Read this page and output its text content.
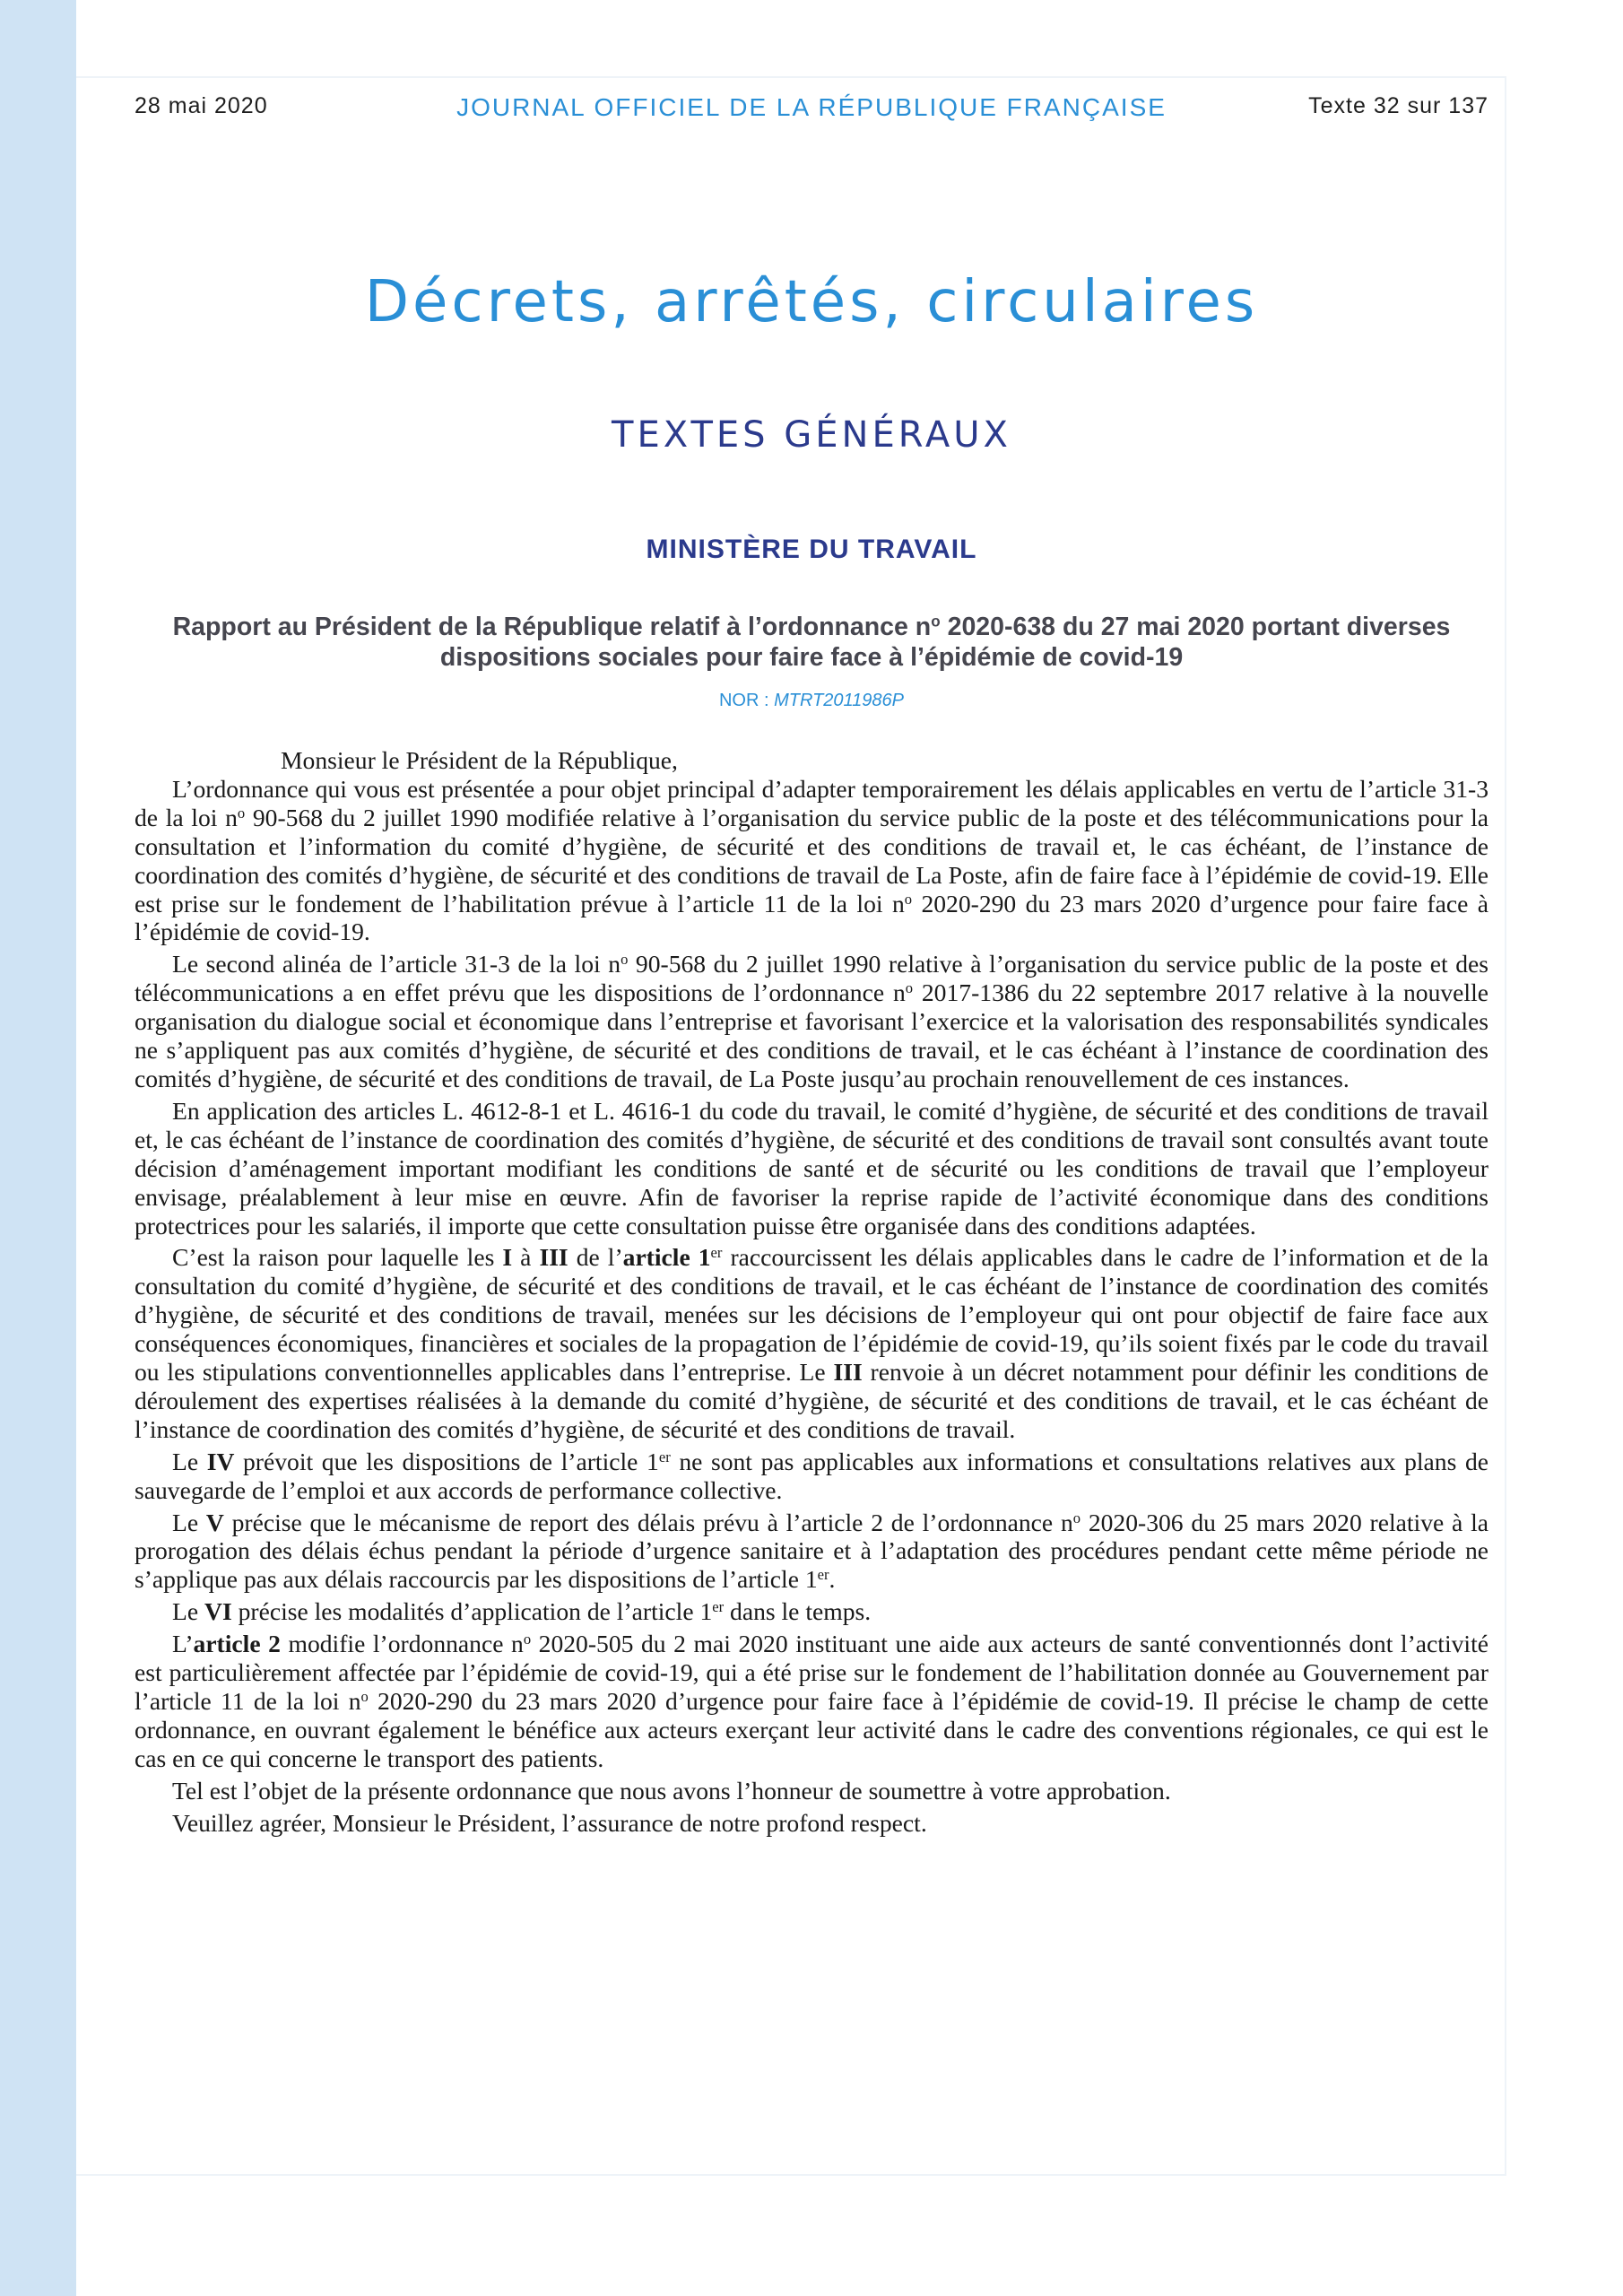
28 mai 2020	JOURNAL OFFICIEL DE LA RÉPUBLIQUE FRANÇAISE	Texte 32 sur 137
Décrets, arrêtés, circulaires
TEXTES GÉNÉRAUX
MINISTÈRE DU TRAVAIL
Rapport au Président de la République relatif à l’ordonnance $n^o$ 2020-638 du 27 mai 2020 portant diverses dispositions sociales pour faire face à l’épidémie de covid-19
NOR : MTRT2011986P

Monsieur le Président de la République,

L’ordonnance qui vous est présentée a pour objet principal d’adapter temporairement les délais applicables en vertu de l’article 31-3 de la loi $n^o$ 90-568 du 2 juillet 1990 modifiée relative à l’organisation du service public de la poste et des télécommunications pour la consultation et l’information du comité d’hygiène, de sécurité et des conditions de travail et, le cas échéant, de l’instance de coordination des comités d’hygiène, de sécurité et des conditions de travail de La Poste, afin de faire face à l’épidémie de covid-19. Elle est prise sur le fondement de l’habilitation prévue à l’article 11 de la loi $n^o$ 2020-290 du 23 mars 2020 d’urgence pour faire face à l’épidémie de covid-19.

Le second alinéa de l’article 31-3 de la loi $n^o$ 90-568 du 2 juillet 1990 relative à l’organisation du service public de la poste et des télécommunications a en effet prévu que les dispositions de l’ordonnance $n^o$ 2017-1386 du 22 septembre 2017 relative à la nouvelle organisation du dialogue social et économique dans l’entreprise et favorisant l’exercice et la valorisation des responsabilités syndicales ne s’appliquent pas aux comités d’hygiène, de sécurité et des conditions de travail, et le cas échéant à l’instance de coordination des comités d’hygiène, de sécurité et des conditions de travail, de La Poste jusqu’au prochain renouvellement de ces instances.

En application des articles L. 4612-8-1 et L. 4616-1 du code du travail, le comité d’hygiène, de sécurité et des conditions de travail et, le cas échéant de l’instance de coordination des comités d’hygiène, de sécurité et des conditions de travail sont consultés avant toute décision d’aménagement important modifiant les conditions de santé et de sécurité ou les conditions de travail que l’employeur envisage, préalablement à leur mise en œuvre. Afin de favoriser la reprise rapide de l’activité économique dans des conditions protectrices pour les salariés, il importe que cette consultation puisse être organisée dans des conditions adaptées.

C’est la raison pour laquelle les I à III de l’article 1er raccourcissent les délais applicables dans le cadre de l’information et de la consultation du comité d’hygiène, de sécurité et des conditions de travail, et le cas échéant de l’instance de coordination des comités d’hygiène, de sécurité et des conditions de travail, menées sur les décisions de l’employeur qui ont pour objectif de faire face aux conséquences économiques, financières et sociales de la propagation de l’épidémie de covid-19, qu’ils soient fixés par le code du travail ou les stipulations conventionnelles applicables dans l’entreprise. Le III renvoie à un décret notamment pour définir les conditions de déroulement des expertises réalisées à la demande du comité d’hygiène, de sécurité et des conditions de travail, et le cas échéant de l’instance de coordination des comités d’hygiène, de sécurité et des conditions de travail.

Le IV prévoit que les dispositions de l’article 1er ne sont pas applicables aux informations et consultations relatives aux plans de sauvegarde de l’emploi et aux accords de performance collective.

Le V précise que le mécanisme de report des délais prévu à l’article 2 de l’ordonnance $n^o$ 2020-306 du 25 mars 2020 relative à la prorogation des délais échus pendant la période d’urgence sanitaire et à l’adaptation des procédures pendant cette même période ne s’applique pas aux délais raccourcis par les dispositions de l’article 1er.

Le VI précise les modalités d’application de l’article 1er dans le temps.

L’article 2 modifie l’ordonnance $n^o$ 2020-505 du 2 mai 2020 instituant une aide aux acteurs de santé conventionnés dont l’activité est particulièrement affectée par l’épidémie de covid-19, qui a été prise sur le fondement de l’habilitation donnée au Gouvernement par l’article 11 de la loi $n^o$ 2020-290 du 23 mars 2020 d’urgence pour faire face à l’épidémie de covid-19. Il précise le champ de cette ordonnance, en ouvrant également le bénéfice aux acteurs exerçant leur activité dans le cadre des conventions régionales, ce qui est le cas en ce qui concerne le transport des patients.

Tel est l’objet de la présente ordonnance que nous avons l’honneur de soumettre à votre approbation.

Veuillez agréer, Monsieur le Président, l’assurance de notre profond respect.
